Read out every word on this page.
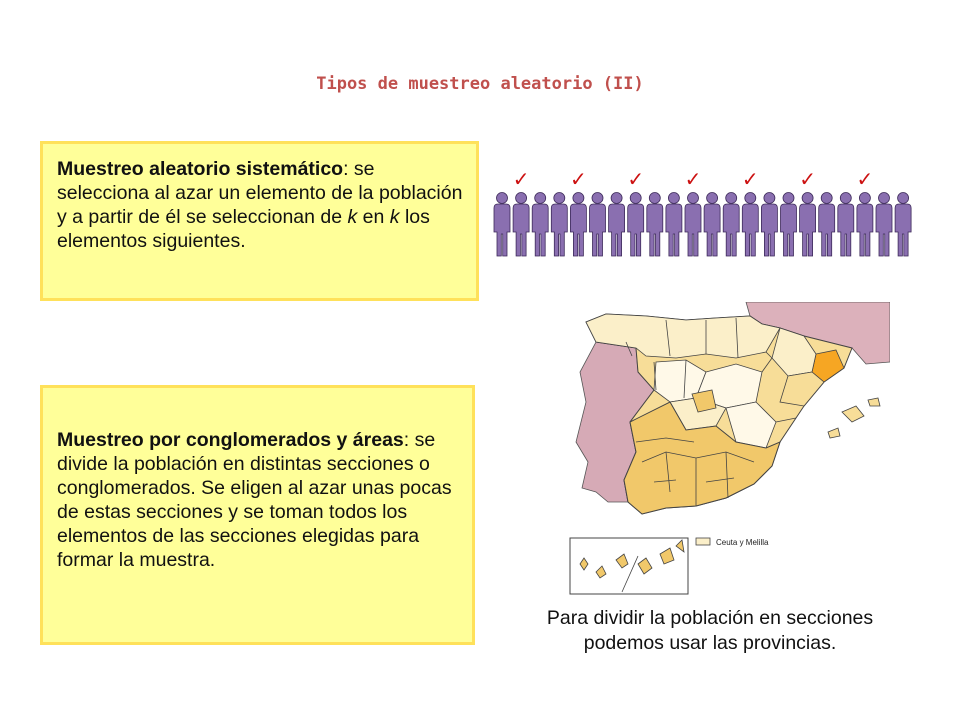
Tipos de muestreo aleatorio (II)
Muestreo aleatorio sistemático: se selecciona al azar un elemento de la población y a partir de él se seleccionan de k en k los elementos siguientes.
Muestreo por conglomerados y áreas: se divide la población en distintas secciones o conglomerados. Se eligen al azar unas pocas de estas secciones y se toman todos los elementos de las secciones elegidas para formar la muestra.
✓ ✓ ✓ ✓ ✓ ✓ ✓
Ceuta y Melilla
Para dividir la población en secciones
podemos usar las provincias.
